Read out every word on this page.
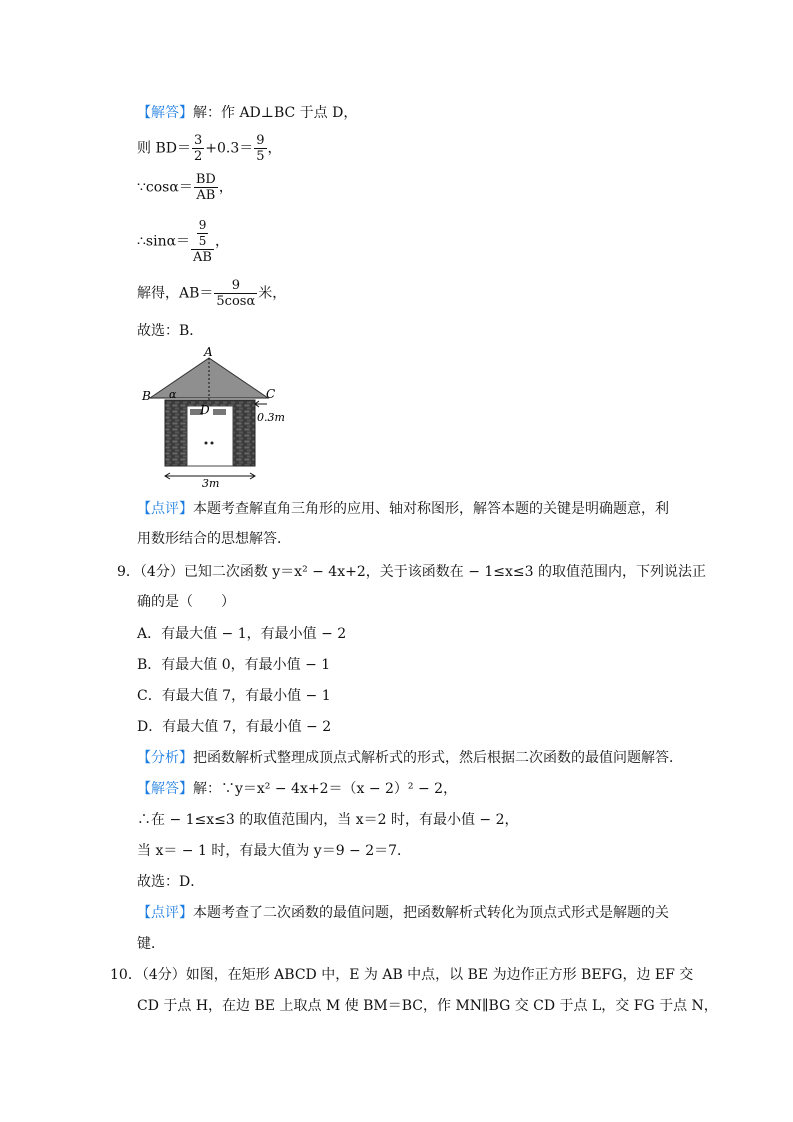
【解答】解：作 AD⊥BC 于点 D，
则 $BD= \frac{3}{2} +0.3= \frac{9}{5}$ ，
∵cosα＝ $\frac{BD}{AB}$ ，
∴sinα＝ $\frac{\frac{9}{5}}{AB}$ ，
解得，$AB= \frac{9}{5\cos\alpha}$ 米，
故选：B．
A
B	C
D
α
0.3m
3m
【点评】本题考查解直角三角形的应用、轴对称图形，解答本题的关键是明确题意，利
用数形结合的思想解答．
9．（4分）已知二次函数 y＝x² − 4x+2，关于该函数在 − 1≤x≤3 的取值范围内，下列说法正
确的是（　　）
A．有最大值 − 1，有最小值 − 2
B．有最大值 0，有最小值 − 1
C．有最大值 7，有最小值 − 1
D．有最大值 7，有最小值 − 2
【分析】把函数解析式整理成顶点式解析式的形式，然后根据二次函数的最值问题解答．
【解答】解：∵y＝x² − 4x+2＝（x − 2）² − 2，
∴在 − 1≤x≤3 的取值范围内，当 x＝2 时，有最小值 − 2，
当 x＝ − 1 时，有最大值为 y＝9 − 2＝7．
故选：D．
【点评】本题考查了二次函数的最值问题，把函数解析式转化为顶点式形式是解题的关
键．
10．（4分）如图，在矩形 ABCD 中，E 为 AB 中点，以 BE 为边作正方形 BEFG，边 EF 交
CD 于点 H，在边 BE 上取点 M 使 BM＝BC，作 MN∥BG 交 CD 于点 L，交 FG 于点 N，
